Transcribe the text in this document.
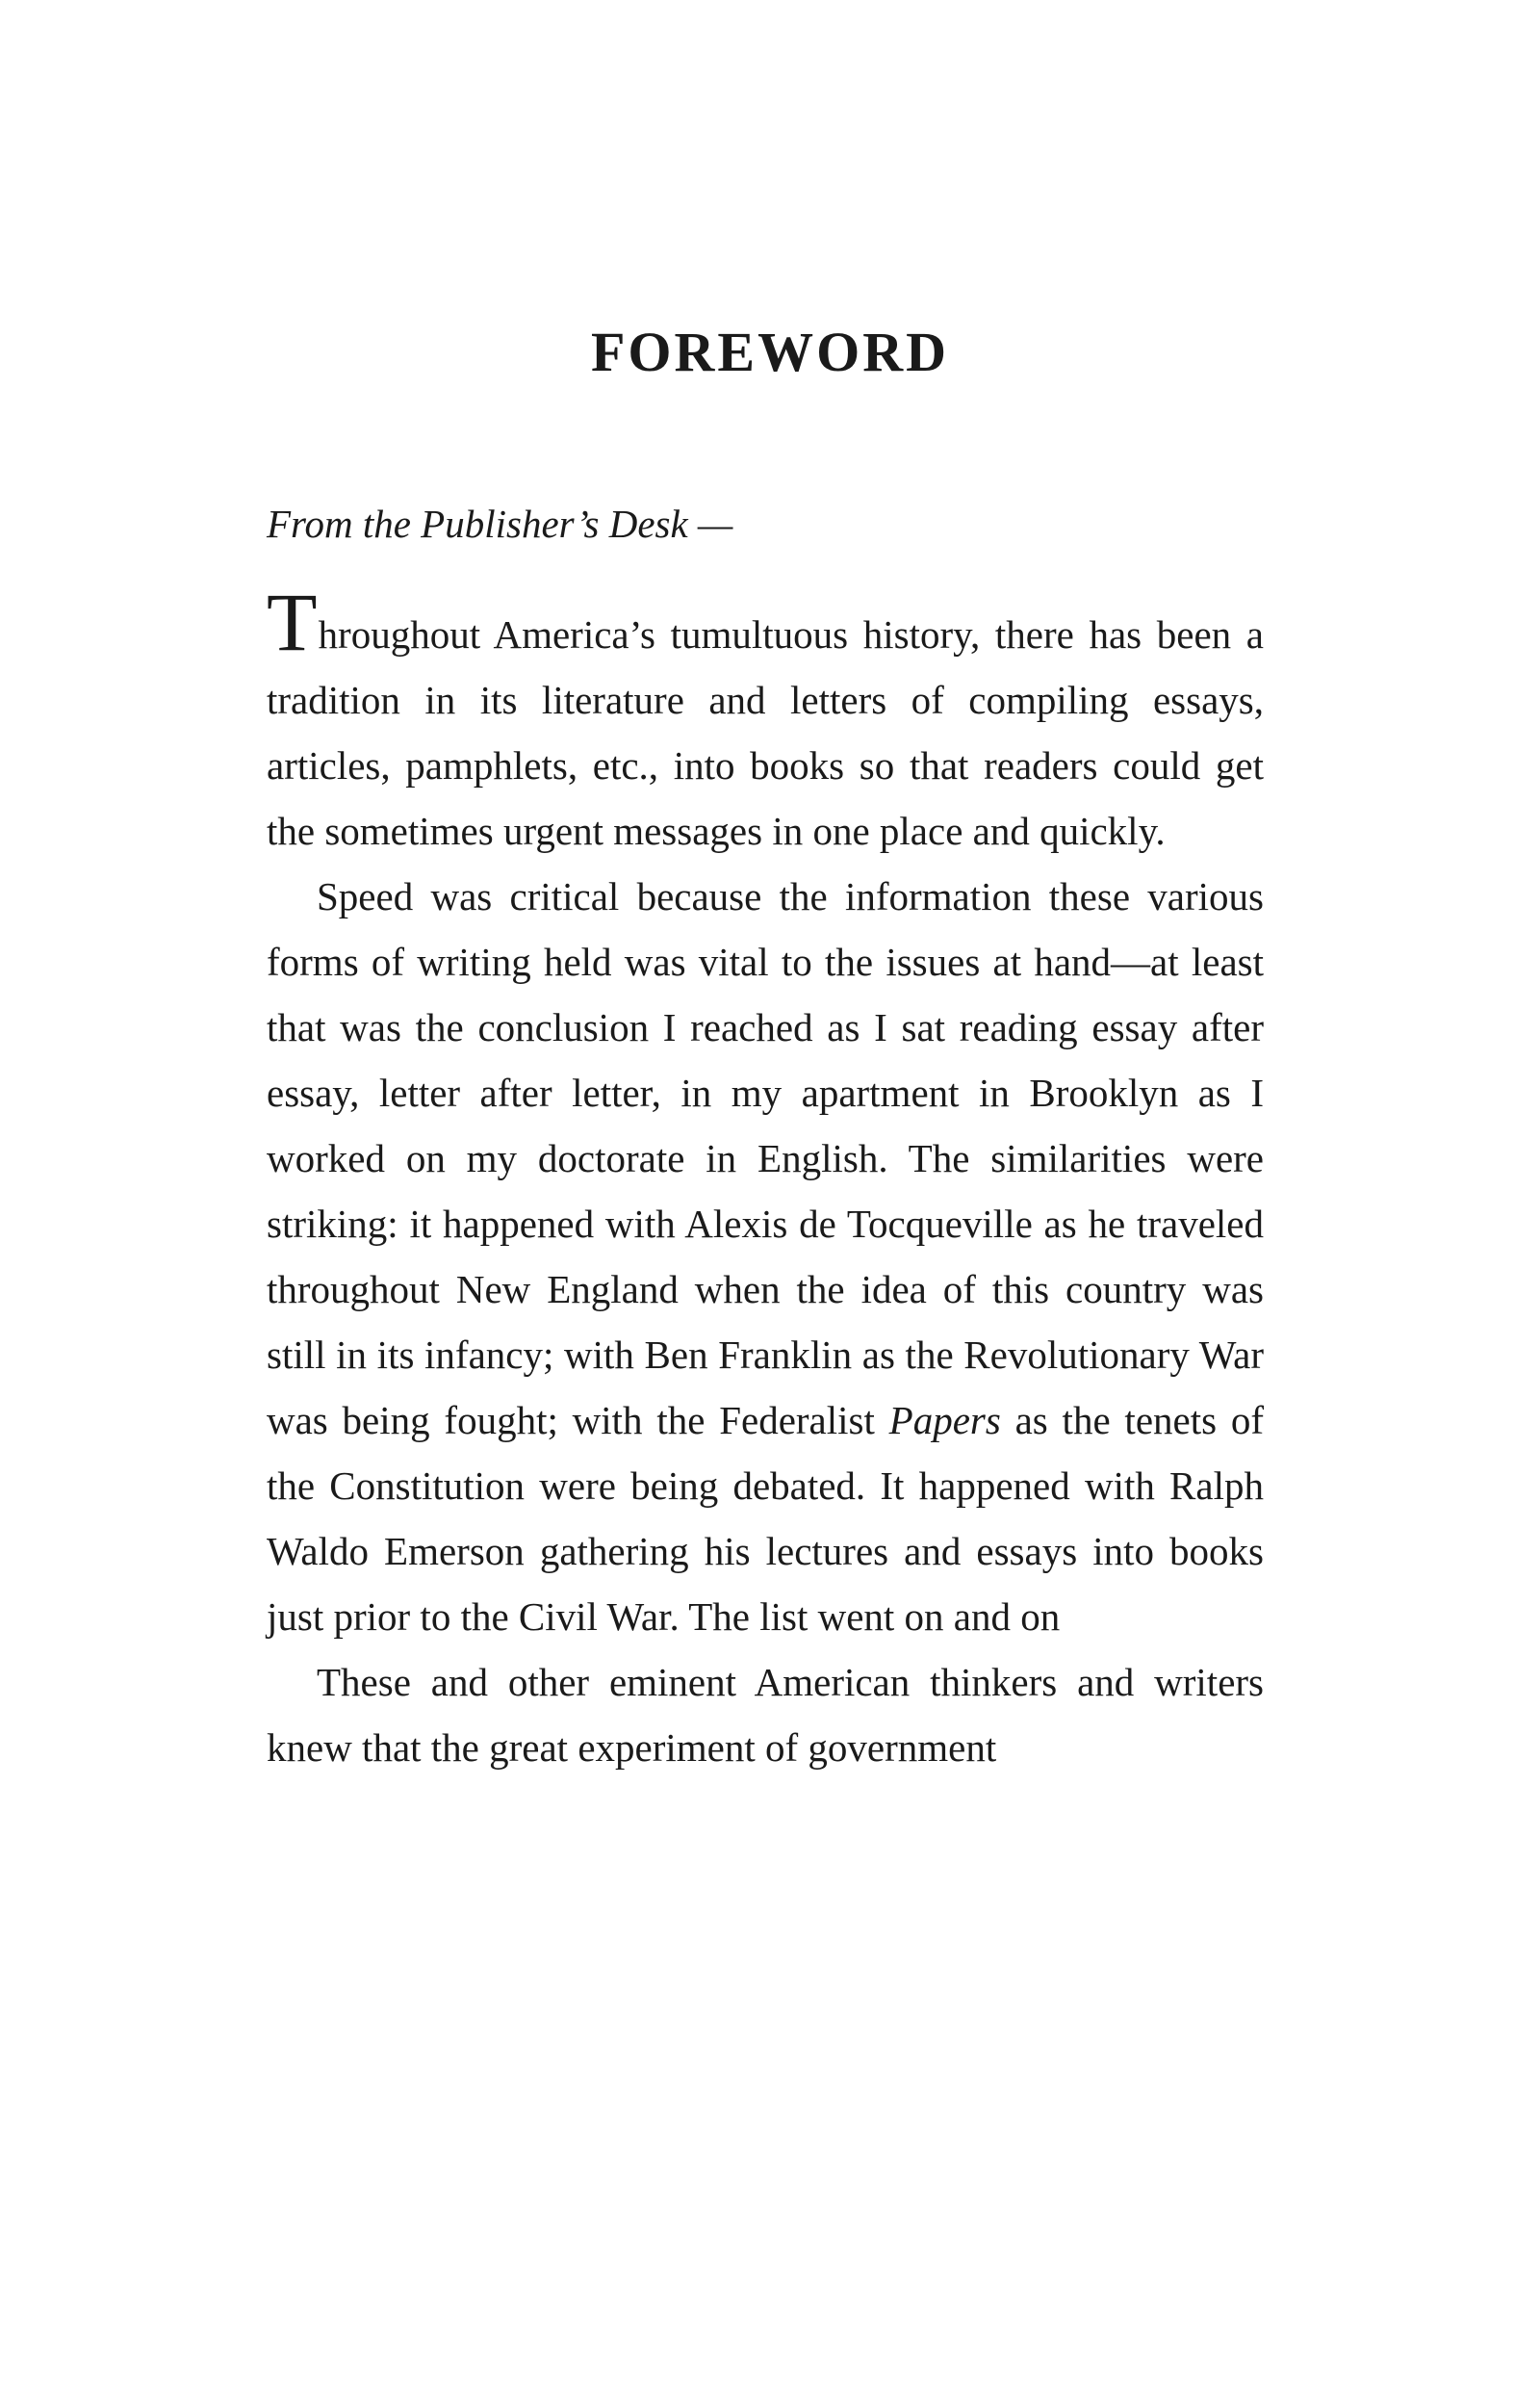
FOREWORD

From the Publisher’s Desk —

Throughout America’s tumultuous history, there has been a tradition in its literature and letters of compiling essays, articles, pamphlets, etc., into books so that readers could get the sometimes urgent messages in one place and quickly.

Speed was critical because the information these various forms of writing held was vital to the issues at hand—at least that was the conclusion I reached as I sat reading essay after essay, letter after letter, in my apartment in Brooklyn as I worked on my doctorate in English. The similarities were striking: it happened with Alexis de Tocqueville as he traveled throughout New England when the idea of this country was still in its infancy; with Ben Franklin as the Revolutionary War was being fought; with the Federalist Papers as the tenets of the Constitution were being debated. It happened with Ralph Waldo Emerson gathering his lectures and essays into books just prior to the Civil War. The list went on and on

These and other eminent American thinkers and writers knew that the great experiment of government
